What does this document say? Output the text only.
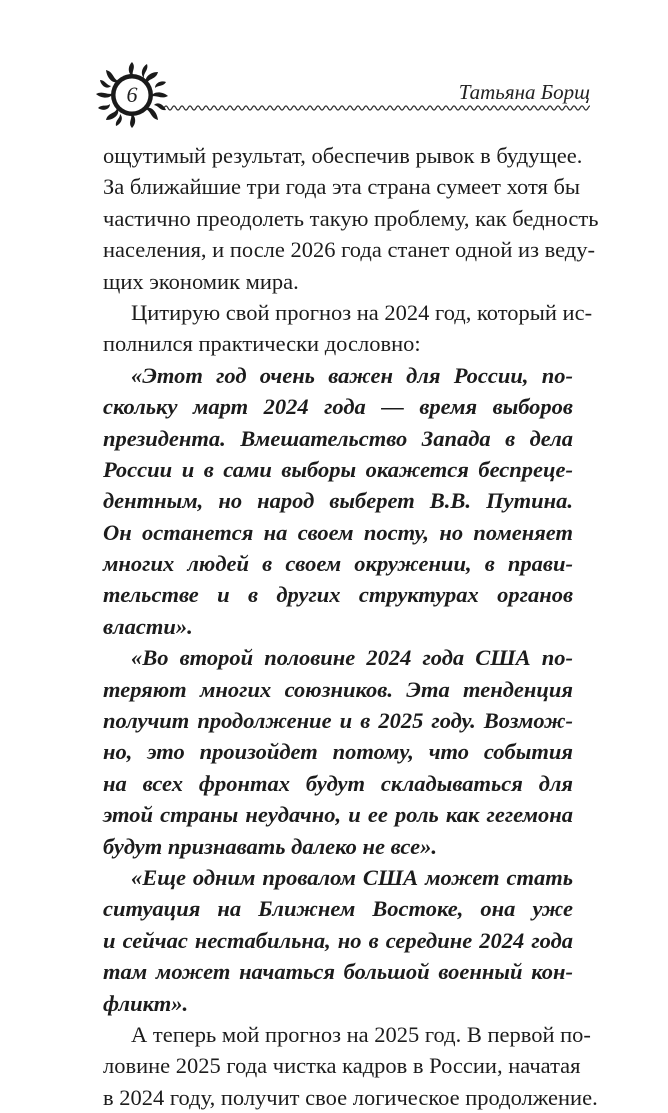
6	Татьяна Борщ
ощутимый результат, обеспечив рывок в будущее.
За ближайшие три года эта страна сумеет хотя бы
частично преодолеть такую проблему, как бедность
населения, и после 2026 года станет одной из веду-
щих экономик мира.
Цитирую свой прогноз на 2024 год, который ис-
полнился практически дословно:
«Этот год очень важен для России, по-
скольку март 2024 года — время выборов
президента. Вмешательство Запада в дела
России и в сами выборы окажется беспреце-
дентным, но народ выберет В.В. Путина.
Он останется на своем посту, но поменяет
многих людей в своем окружении, в прави-
тельстве и в других структурах органов
власти».
«Во второй половине 2024 года США по-
теряют многих союзников. Эта тенденция
получит продолжение и в 2025 году. Возмож-
но, это произойдет потому, что события
на всех фронтах будут складываться для
этой страны неудачно, и ее роль как гегемона
будут признавать далеко не все».
«Еще одним провалом США может стать
ситуация на Ближнем Востоке, она уже
и сейчас нестабильна, но в середине 2024 года
там может начаться большой военный кон-
фликт».
А теперь мой прогноз на 2025 год. В первой по-
ловине 2025 года чистка кадров в России, начатая
в 2024 году, получит свое логическое продолжение.
